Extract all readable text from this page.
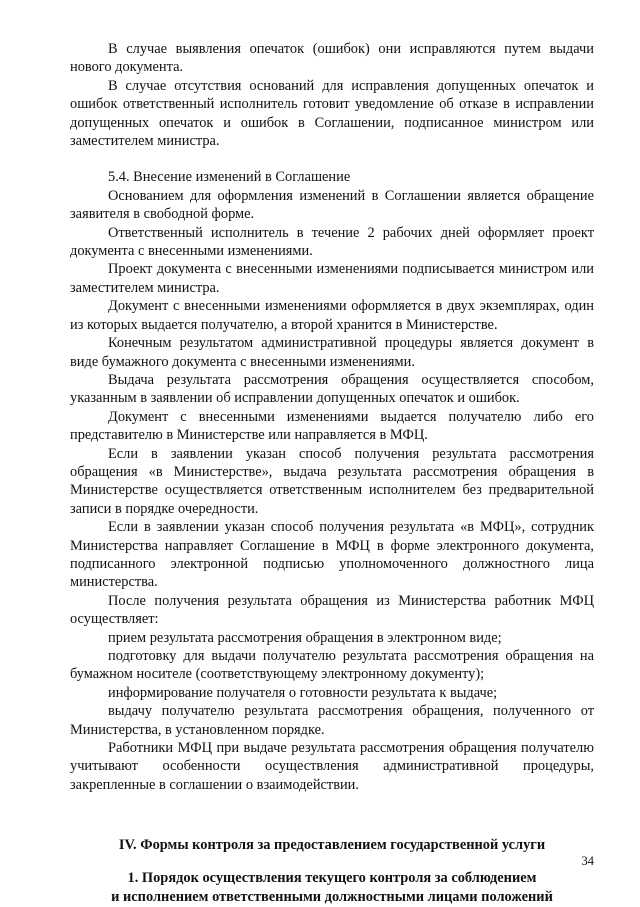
В случае выявления опечаток (ошибок) они исправляются путем выдачи нового документа.

В случае отсутствия оснований для исправления допущенных опечаток и ошибок ответственный исполнитель готовит уведомление об отказе в исправлении допущенных опечаток и ошибок в Соглашении, подписанное министром или заместителем министра.

5.4. Внесение изменений в Соглашение

Основанием для оформления изменений в Соглашении является обращение заявителя в свободной форме.

Ответственный исполнитель в течение 2 рабочих дней оформляет проект документа с внесенными изменениями.

Проект документа с внесенными изменениями подписывается министром или заместителем министра.

Документ с внесенными изменениями оформляется в двух экземплярах, один из которых выдается получателю, а второй хранится в Министерстве.

Конечным результатом административной процедуры является документ в виде бумажного документа с внесенными изменениями.

Выдача результата рассмотрения обращения осуществляется способом, указанным в заявлении об исправлении допущенных опечаток и ошибок.

Документ с внесенными изменениями выдается получателю либо его представителю в Министерстве или направляется в МФЦ.

Если в заявлении указан способ получения результата рассмотрения обращения «в Министерстве», выдача результата рассмотрения обращения в Министерстве осуществляется ответственным исполнителем без предварительной записи в порядке очередности.

Если в заявлении указан способ получения результата «в МФЦ», сотрудник Министерства направляет Соглашение в МФЦ в форме электронного документа, подписанного электронной подписью уполномоченного должностного лица министерства.

После получения результата обращения из Министерства работник МФЦ осуществляет:

прием результата рассмотрения обращения в электронном виде;

подготовку для выдачи получателю результата рассмотрения обращения на бумажном носителе (соответствующему электронному документу);

информирование получателя о готовности результата к выдаче;

выдачу получателю результата рассмотрения обращения, полученного от Министерства, в установленном порядке.

Работники МФЦ при выдаче результата рассмотрения обращения получателю учитывают особенности осуществления административной процедуры, закрепленные в соглашении о взаимодействии.

IV. Формы контроля за предоставлением государственной услуги
1. Порядок осуществления текущего контроля за соблюдением
и исполнением ответственными должностными лицами положений
34
